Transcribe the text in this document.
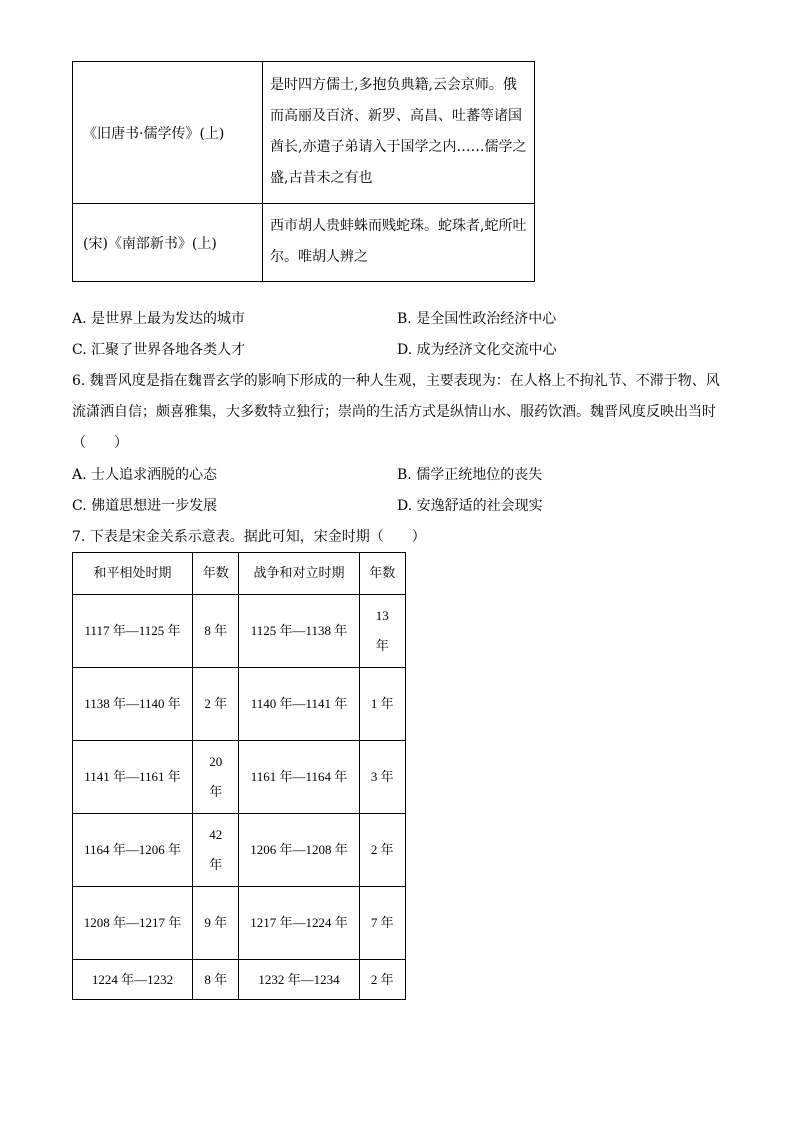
《旧唐书·儒学传》(上)	是时四方儒士,多抱负典籍,云会京师。俄而高丽及百济、新罗、高昌、吐蕃等诸国酋长,亦遣子弟请入于国学之内……儒学之盛,古昔未之有也
(宋)《南部新书》(上)	西市胡人贵蚌蛛而贱蛇珠。蛇珠者,蛇所吐尔。唯胡人辨之
A. 是世界上最为发达的城市	B. 是全国性政治经济中心
C. 汇聚了世界各地各类人才	D. 成为经济文化交流中心
6. 魏晋风度是指在魏晋玄学的影响下形成的一种人生观，主要表现为：在人格上不拘礼节、不滞于物、风流潇洒自信；颇喜雅集，大多数特立独行；崇尚的生活方式是纵情山水、服药饮酒。魏晋风度反映出当时（　　）
A. 士人追求洒脱的心态	B. 儒学正统地位的丧失
C. 佛道思想进一步发展	D. 安逸舒适的社会现实
7. 下表是宋金关系示意表。据此可知，宋金时期（　　）
和平相处时期	年数	战争和对立时期	年数
1117 年—1125 年	8 年	1125 年—1138 年	13 年
1138 年—1140 年	2 年	1140 年—1141 年	1 年
1141 年—1161 年	20 年	1161 年—1164 年	3 年
1164 年—1206 年	42 年	1206 年—1208 年	2 年
1208 年—1217 年	9 年	1217 年—1224 年	7 年
1224 年—1232	8 年	1232 年—1234	2 年
